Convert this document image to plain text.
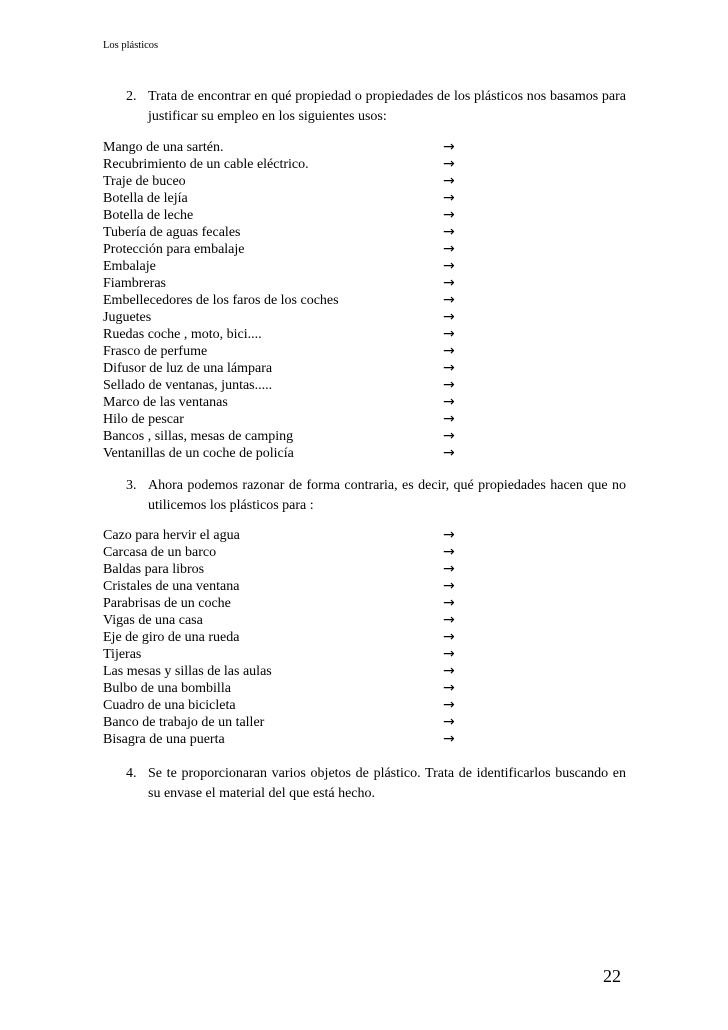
Los plásticos
2. Trata de encontrar en qué propiedad o propiedades de los plásticos nos basamos para justificar su empleo en los siguientes usos:
Mango de una sartén.	→
Recubrimiento de un cable eléctrico.	→
Traje de buceo	→
Botella de lejía	→
Botella de leche	→
Tubería de aguas fecales	→
Protección para embalaje	→
Embalaje	→
Fiambreras	→
Embellecedores de los faros de los coches	→
Juguetes	→
Ruedas coche , moto, bici....	→
Frasco de perfume	→
Difusor de luz de una lámpara	→
Sellado de ventanas, juntas.....	→
Marco de las ventanas	→
Hilo de pescar	→
Bancos , sillas, mesas de camping	→
Ventanillas de un coche de policía	→
3. Ahora podemos razonar de forma contraria, es decir, qué propiedades hacen que no utilicemos los plásticos para :
Cazo para hervir el agua	→
Carcasa de un barco	→
Baldas para libros	→
Cristales de una ventana	→
Parabrisas de un coche	→
Vigas de una casa	→
Eje de giro de una rueda	→
Tijeras	→
Las mesas y sillas de las aulas	→
Bulbo de una bombilla	→
Cuadro de una bicicleta	→
Banco de trabajo de un taller	→
Bisagra de una puerta	→
4. Se te proporcionaran varios objetos de plástico. Trata de identificarlos buscando en su envase el material del que está hecho.
22
